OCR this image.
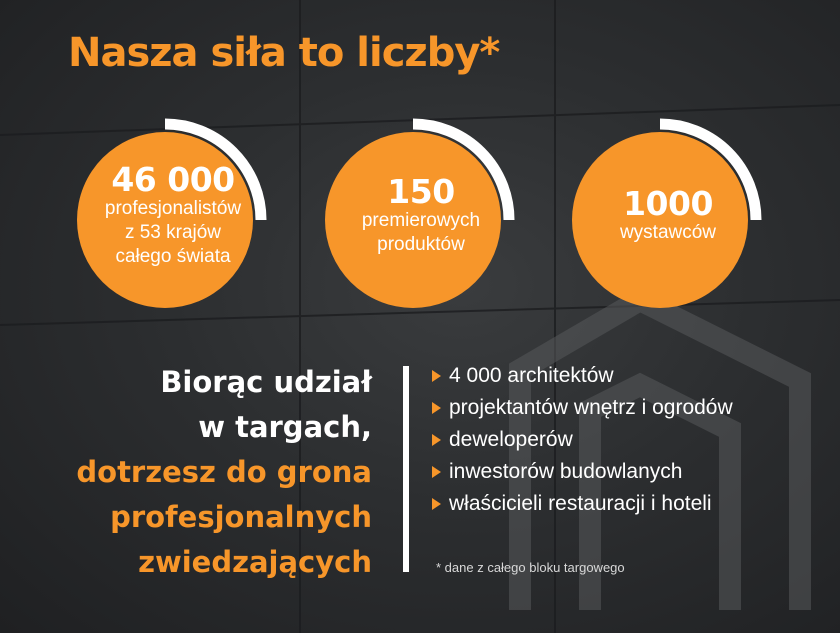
Nasza siła to liczby*
46 000
profesjonalistów
z 53 krajów
całego świata
150
premierowych
produktów
1000
wystawców
Biorąc udział
w targach,
dotrzesz do grona
profesjonalnych
zwiedzających
4 000 architektów
projektantów wnętrz i ogrodów
deweloperów
inwestorów budowlanych
właścicieli restauracji i hoteli
* dane z całego bloku targowego
